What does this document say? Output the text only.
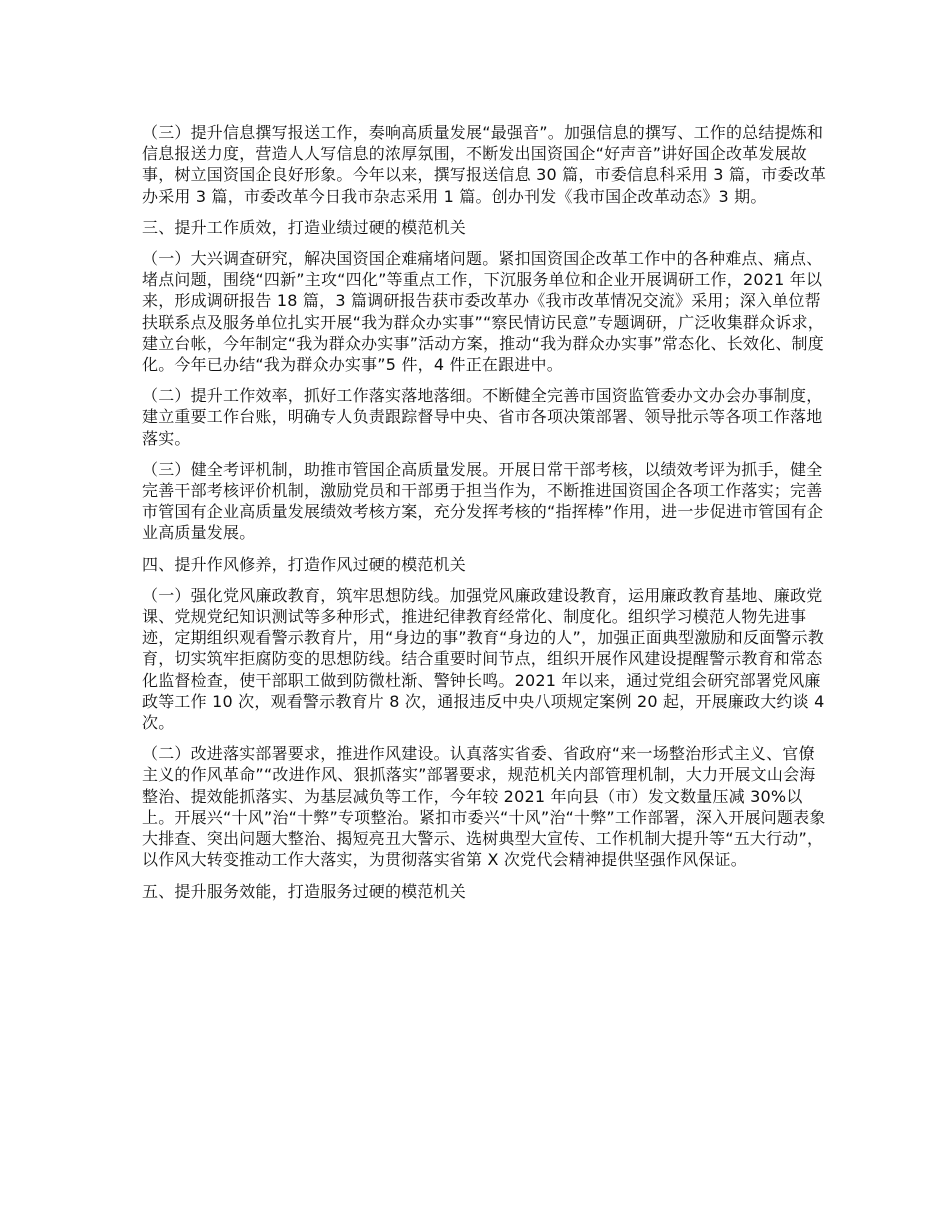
（三）提升信息撰写报送工作，奏响高质量发展“最强音”。加强信息的撰写、工作的总结提炼和信息报送力度，营造人人写信息的浓厚氛围，不断发出国资国企“好声音”讲好国企改革发展故事，树立国资国企良好形象。今年以来，撰写报送信息 30 篇，市委信息科采用 3 篇，市委改革办采用 3 篇，市委改革今日我市杂志采用 1 篇。创办刊发《我市国企改革动态》3 期。

三、提升工作质效，打造业绩过硬的模范机关

（一）大兴调查研究，解决国资国企难痛堵问题。紧扣国资国企改革工作中的各种难点、痛点、堵点问题，围绕“四新”主攻“四化”等重点工作，下沉服务单位和企业开展调研工作，2021 年以来，形成调研报告 18 篇，3 篇调研报告获市委改革办《我市改革情况交流》采用；深入单位帮扶联系点及服务单位扎实开展“我为群众办实事”“察民情访民意”专题调研，广泛收集群众诉求，建立台帐，今年制定“我为群众办实事”活动方案，推动“我为群众办实事”常态化、长效化、制度化。今年已办结“我为群众办实事”5 件，4 件正在跟进中。

（二）提升工作效率，抓好工作落实落地落细。不断健全完善市国资监管委办文办会办事制度，建立重要工作台账，明确专人负责跟踪督导中央、省市各项决策部署、领导批示等各项工作落地落实。

（三）健全考评机制，助推市管国企高质量发展。开展日常干部考核，以绩效考评为抓手，健全完善干部考核评价机制，激励党员和干部勇于担当作为，不断推进国资国企各项工作落实；完善市管国有企业高质量发展绩效考核方案，充分发挥考核的“指挥棒”作用，进一步促进市管国有企业高质量发展。

四、提升作风修养，打造作风过硬的模范机关

（一）强化党风廉政教育，筑牢思想防线。加强党风廉政建设教育，运用廉政教育基地、廉政党课、党规党纪知识测试等多种形式，推进纪律教育经常化、制度化。组织学习模范人物先进事迹，定期组织观看警示教育片，用“身边的事”教育“身边的人”，加强正面典型激励和反面警示教育，切实筑牢拒腐防变的思想防线。结合重要时间节点，组织开展作风建设提醒警示教育和常态化监督检查，使干部职工做到防微杜渐、警钟长鸣。2021 年以来，通过党组会研究部署党风廉政等工作 10 次，观看警示教育片 8 次，通报违反中央八项规定案例 20 起，开展廉政大约谈 4 次。

（二）改进落实部署要求，推进作风建设。认真落实省委、省政府“来一场整治形式主义、官僚主义的作风革命”“改进作风、狠抓落实”部署要求，规范机关内部管理机制，大力开展文山会海整治、提效能抓落实、为基层减负等工作，今年较 2021 年向县（市）发文数量压减 30%以上。开展兴“十风”治“十弊”专项整治。紧扣市委兴“十风”治“十弊”工作部署，深入开展问题表象大排查、突出问题大整治、揭短亮丑大警示、选树典型大宣传、工作机制大提升等“五大行动”，以作风大转变推动工作大落实，为贯彻落实省第 X 次党代会精神提供坚强作风保证。

五、提升服务效能，打造服务过硬的模范机关
